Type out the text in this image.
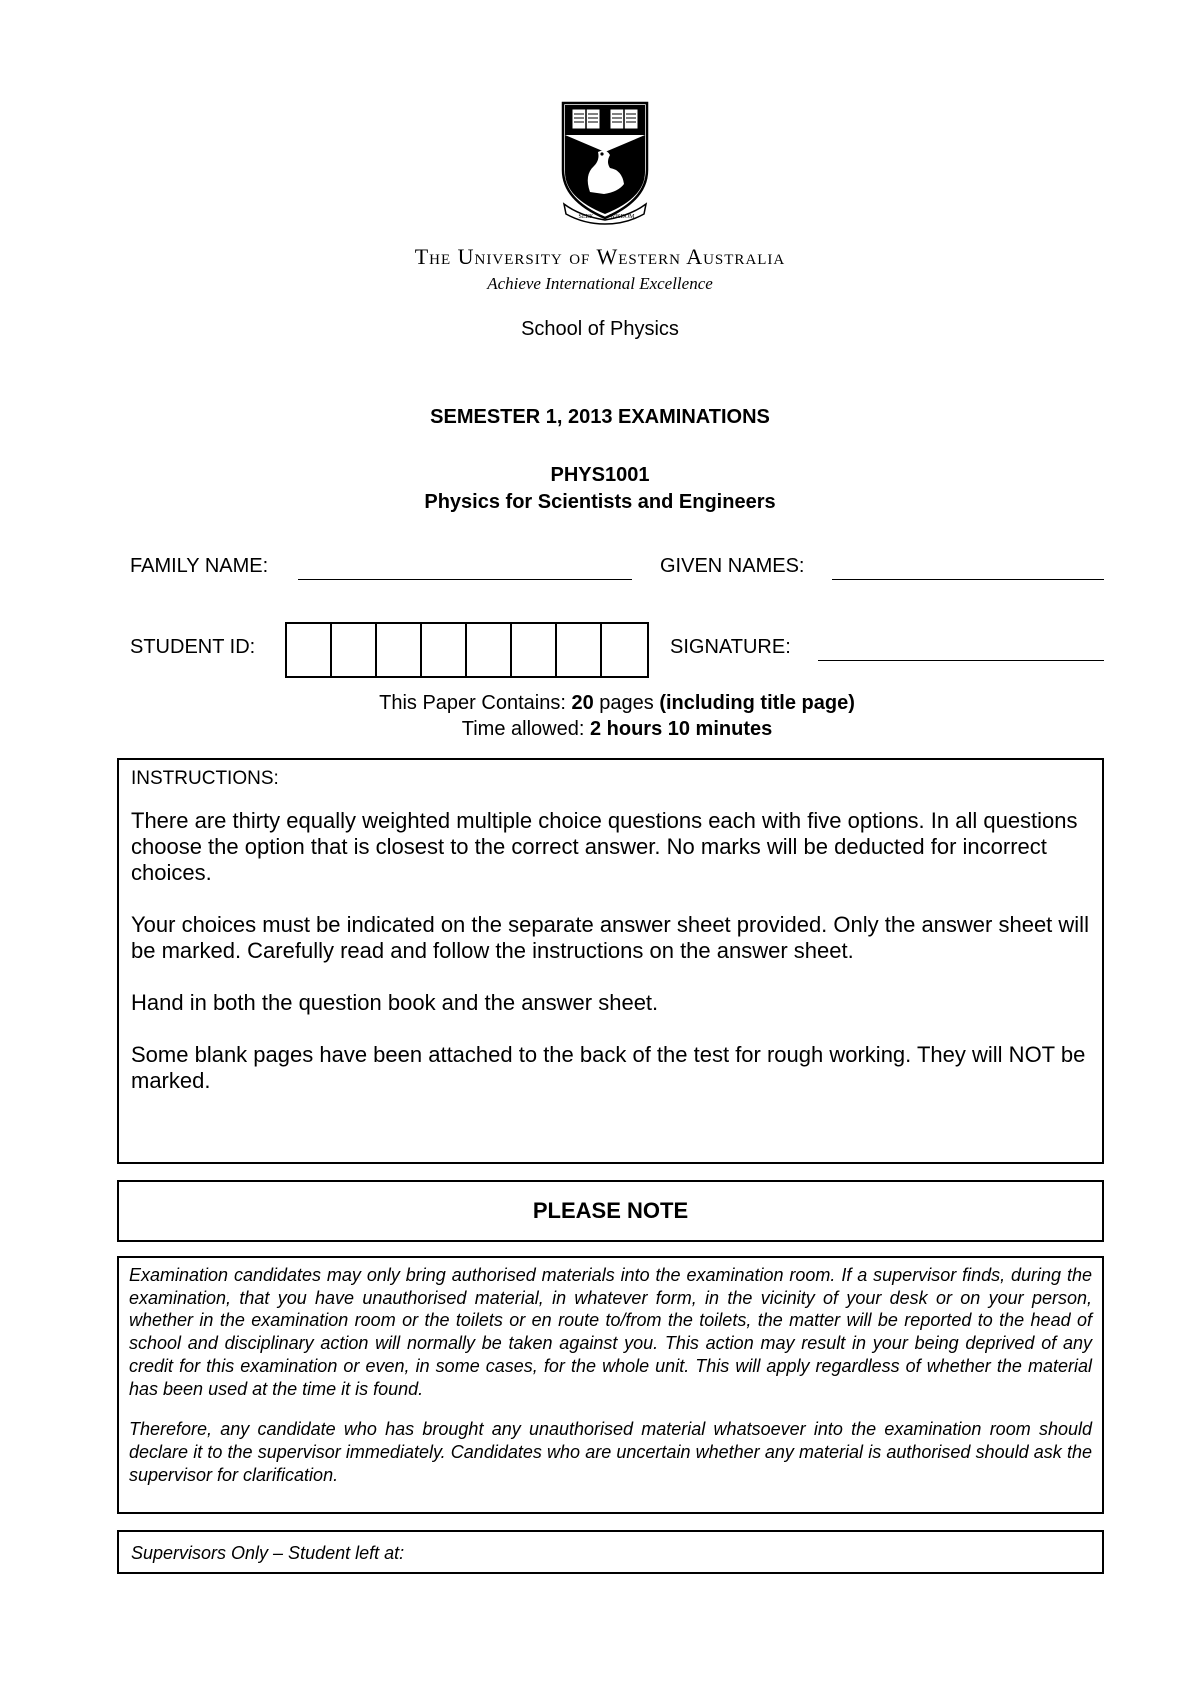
SEEK	WISDOM
The University of Western Australia
Achieve International Excellence
School of Physics
SEMESTER 1, 2013 EXAMINATIONS
PHYS1001
Physics for Scientists and Engineers
FAMILY NAME:	GIVEN NAMES:
STUDENT ID:	SIGNATURE:
This Paper Contains: 20 pages (including title page)
Time allowed: 2 hours 10 minutes
INSTRUCTIONS:

There are thirty equally weighted multiple choice questions each with five options. In all questions choose the option that is closest to the correct answer. No marks will be deducted for incorrect choices.

Your choices must be indicated on the separate answer sheet provided. Only the answer sheet will be marked. Carefully read and follow the instructions on the answer sheet.

Hand in both the question book and the answer sheet.

Some blank pages have been attached to the back of the test for rough working. They will NOT be marked.

PLEASE NOTE

Examination candidates may only bring authorised materials into the examination room. If a supervisor finds, during the examination, that you have unauthorised material, in whatever form, in the vicinity of your desk or on your person, whether in the examination room or the toilets or en route to/from the toilets, the matter will be reported to the head of school and disciplinary action will normally be taken against you. This action may result in your being deprived of any credit for this examination or even, in some cases, for the whole unit. This will apply regardless of whether the material has been used at the time it is found.

Therefore, any candidate who has brought any unauthorised material whatsoever into the examination room should declare it to the supervisor immediately. Candidates who are uncertain whether any material is authorised should ask the supervisor for clarification.

Supervisors Only – Student left at:
